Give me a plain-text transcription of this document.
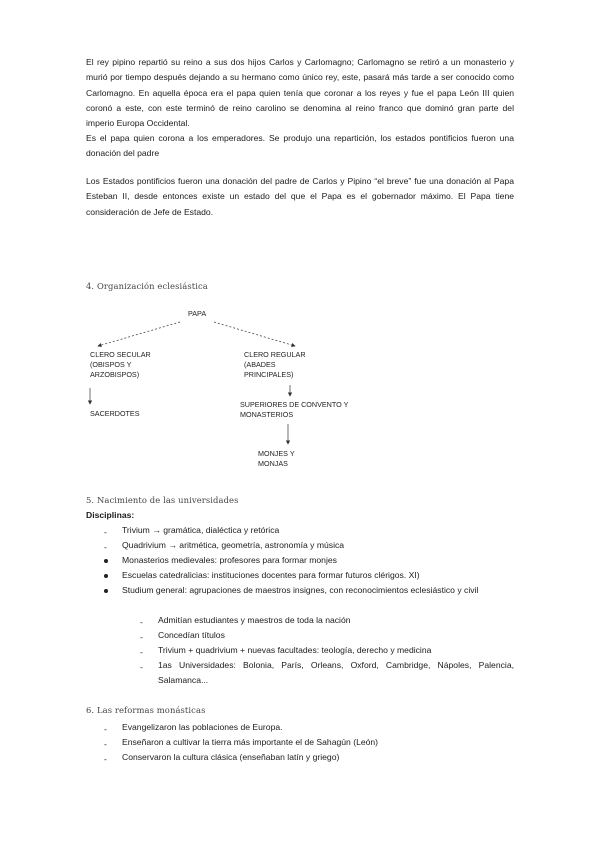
El rey pipino repartió su reino a sus dos hijos Carlos y Carlomagno; Carlomagno se retiró a un monasterio y murió por tiempo después dejando a su hermano como único rey, este, pasará más tarde a ser conocido como Carlomagno. En aquella época era el papa quien tenía que coronar a los reyes y fue el papa León III quien coronó a este, con este terminó de reino carolino se denomina al reino franco que dominó gran parte del imperio Europa Occidental.
Es el papa quien corona a los emperadores. Se produjo una repartición, los estados pontificios fueron una donación del padre
Los Estados pontificios fueron una donación del padre de Carlos y Pipino “el breve” fue una donación al Papa Esteban II, desde entonces existe un estado del que el Papa es el gobernador máximo. El Papa tiene consideración de Jefe de Estado.
4. Organización eclesiástica
PAPA
CLERO SECULAR
(OBISPOS Y
ARZOBISPOS)
CLERO REGULAR
(ABADES
PRINCIPALES)
SACERDOTES
SUPERIORES DE CONVENTO Y
MONASTERIOS
MONJES Y
MONJAS
5. Nacimiento de las universidades
Disciplinas:
- Trivium → gramática, dialéctica y retórica
- Quadrivium → aritmética, geometría, astronomía y música
Monasterios medievales: profesores para formar monjes
Escuelas catedralicias: instituciones docentes para formar futuros clérigos. XI)
Studium general: agrupaciones de maestros insignes, con reconocimientos eclesiástico y civil
- Admitían estudiantes y maestros de toda la nación
- Concedían títulos
- Trivium + quadrivium + nuevas facultades: teología, derecho y medicina
- 1as Universidades: Bolonia, París, Orleans, Oxford, Cambridge, Nápoles, Palencia, Salamanca...
6. Las reformas monásticas
- Evangelizaron las poblaciones de Europa.
- Enseñaron a cultivar la tierra más importante el de Sahagún (León)
- Conservaron la cultura clásica (enseñaban latín y griego)
